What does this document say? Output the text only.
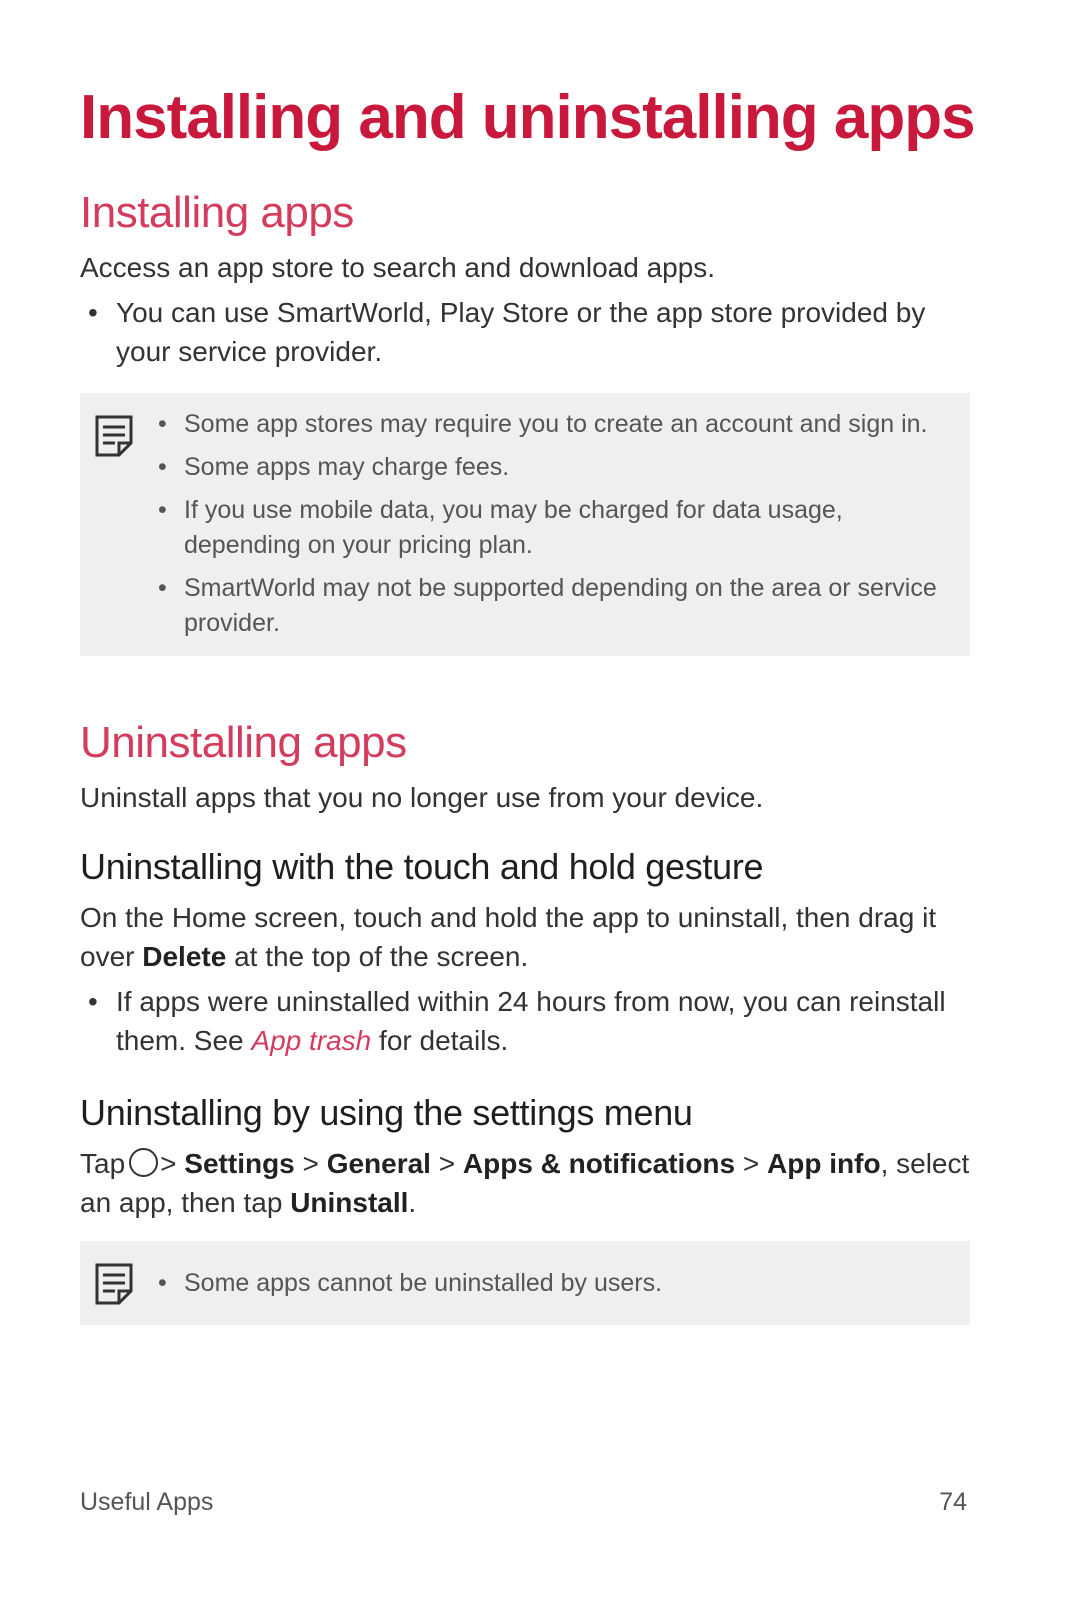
Installing and uninstalling apps
Installing apps

Access an app store to search and download apps.

• You can use SmartWorld, Play Store or the app store provided by your service provider.

• Some app stores may require you to create an account and sign in.
• Some apps may charge fees.
• If you use mobile data, you may be charged for data usage, depending on your pricing plan.
• SmartWorld may not be supported depending on the area or service provider.
Uninstalling apps

Uninstall apps that you no longer use from your device.

Uninstalling with the touch and hold gesture

On the Home screen, touch and hold the app to uninstall, then drag it over Delete at the top of the screen.

• If apps were uninstalled within 24 hours from now, you can reinstall them. See App trash for details.

Uninstalling by using the settings menu

Tap > Settings > General > Apps & notifications > App info, select an app, then tap Uninstall.

• Some apps cannot be uninstalled by users.
Useful Apps	74
